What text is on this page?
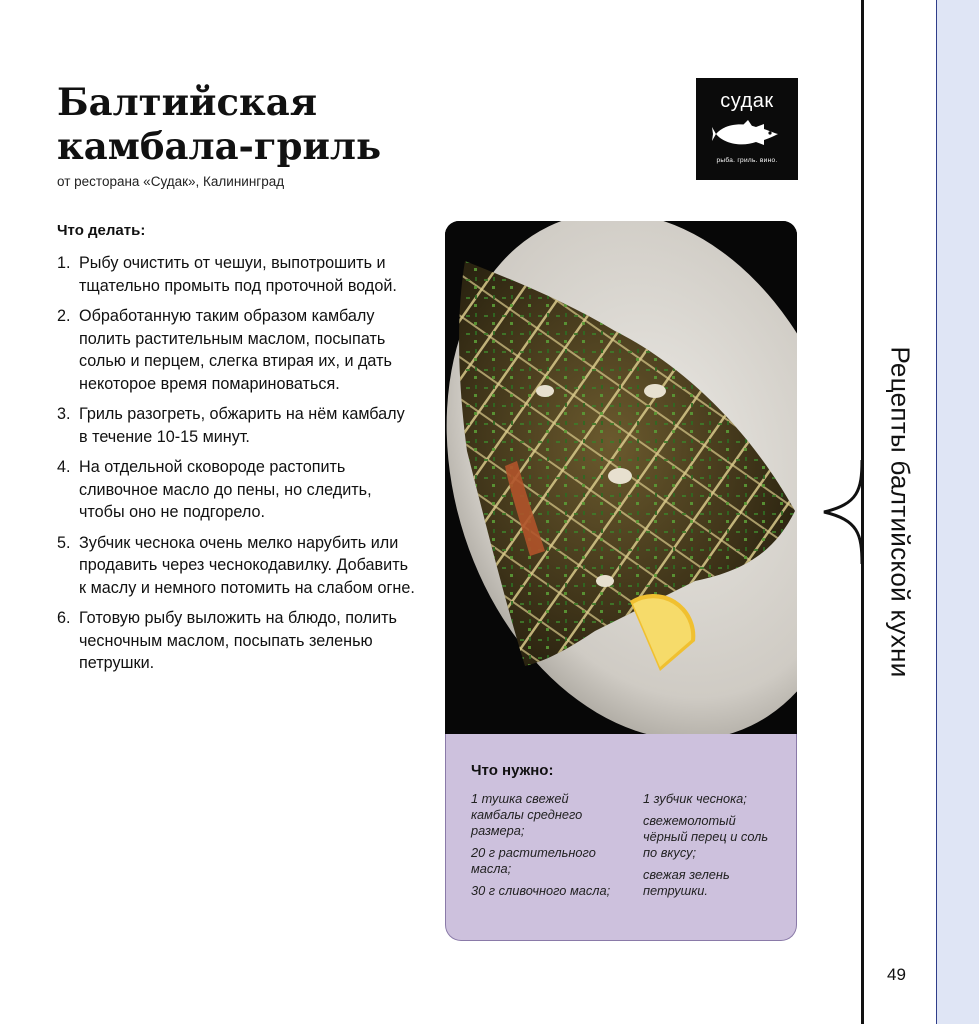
Балтийская камбала-гриль
от ресторана «Судак», Калининград
судак
рыба. гриль. вино.
Что делать:
1. Рыбу очистить от чешуи, выпотрошить и тщательно промыть под проточной водой.
2. Обработанную таким образом камбалу полить растительным маслом, посыпать солью и перцем, слегка втирая их, и дать некоторое время помариноваться.
3. Гриль разогреть, обжарить на нём камбалу в течение 10-15 минут.
4. На отдельной сковороде растопить сливочное масло до пены, но следить, чтобы оно не подгорело.
5. Зубчик чеснока очень мелко нарубить или продавить через чеснокодавилку. Добавить к маслу и немного потомить на слабом огне.
6. Готовую рыбу выложить на блюдо, полить чесночным маслом, посыпать зеленью петрушки.
Что нужно:
1 тушка свежей камбалы среднего размера;
20 г растительного масла;
30 г сливочного масла;
1 зубчик чеснока;
свежемолотый чёрный перец и соль по вкусу;
свежая зелень петрушки.
Рецепты балтийской кухни
49
